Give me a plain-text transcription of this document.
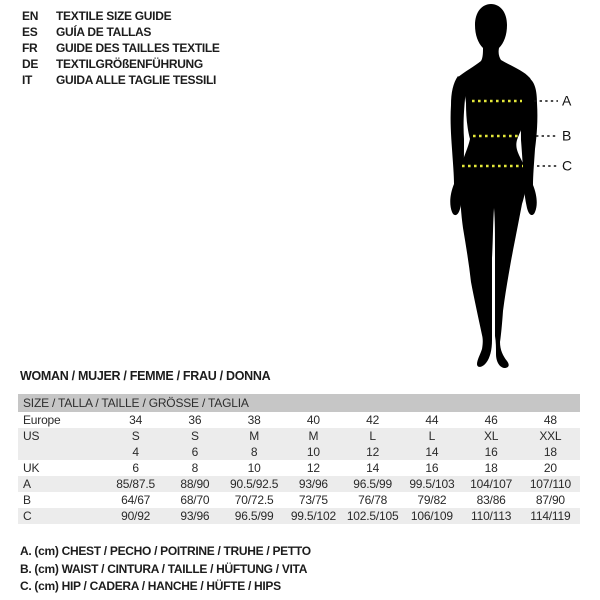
EN	TEXTILE SIZE GUIDE
ES	GUÍA DE TALLAS
FR	GUIDE DES TAILLES TEXTILE
DE	TEXTILGRÖßENFÜHRUNG
IT	GUIDA ALLE TAGLIE TESSILI
A
B
C
WOMAN / MUJER / FEMME / FRAU / DONNA
SIZE / TALLA / TAILLE / GRÖSSE / TAGLIA
Europe	34	36	38	40	42	44	46	48
US	S	S	M	M	L	L	XL	XXL
4	6	8	10	12	14	16	18
UK	6	8	10	12	14	16	18	20
A	85/87.5	88/90	90.5/92.5	93/96	96.5/99	99.5/103	104/107	107/110
B	64/67	68/70	70/72.5	73/75	76/78	79/82	83/86	87/90
C	90/92	93/96	96.5/99	99.5/102 102.5/105	106/109	110/113	114/119
A. (cm) CHEST / PECHO / POITRINE / TRUHE / PETTO
B. (cm) WAIST / CINTURA / TAILLE / HÜFTUNG / VITA
C. (cm) HIP / CADERA / HANCHE / HÜFTE / HIPS
